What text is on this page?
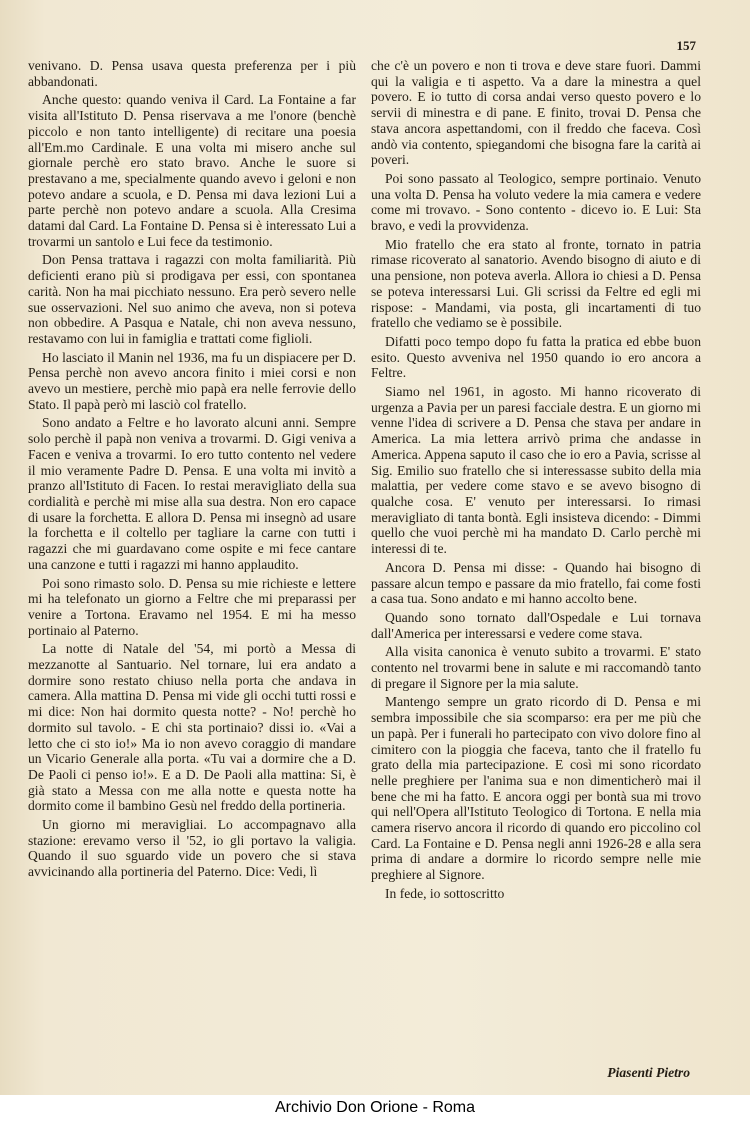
157

venivano. D. Pensa usava questa preferenza per i più abbandonati.

Anche questo: quando veniva il Card. La Fontaine a far visita all'Istituto D. Pensa riservava a me l'onore (benchè piccolo e non tanto intelligente) di recitare una poesia all'Em.mo Cardinale. E una volta mi misero anche sul giornale perchè ero stato bravo. Anche le suore si prestavano a me, specialmente quando avevo i geloni e non potevo andare a scuola, e D. Pensa mi dava lezioni Lui a parte perchè non potevo andare a scuola. Alla Cresima datami dal Card. La Fontaine D. Pensa si è interessato Lui a trovarmi un santolo e Lui fece da testimonio.

Don Pensa trattava i ragazzi con molta familiarità. Più deficienti erano più si prodigava per essi, con spontanea carità. Non ha mai picchiato nessuno. Era però severo nelle sue osservazioni. Nel suo animo che aveva, non si poteva non obbedire. A Pasqua e Natale, chi non aveva nessuno, restavamo con lui in famiglia e trattati come figlioli.

Ho lasciato il Manin nel 1936, ma fu un dispiacere per D. Pensa perchè non avevo ancora finito i miei corsi e non avevo un mestiere, perchè mio papà era nelle ferrovie dello Stato. Il papà però mi lasciò col fratello.

Sono andato a Feltre e ho lavorato alcuni anni. Sempre solo perchè il papà non veniva a trovarmi. D. Gigi veniva a Facen e veniva a trovarmi. Io ero tutto contento nel vedere il mio veramente Padre D. Pensa. E una volta mi invitò a pranzo all'Istituto di Facen. Io restai meravigliato della sua cordialità e perchè mi mise alla sua destra. Non ero capace di usare la forchetta. E allora D. Pensa mi insegnò ad usare la forchetta e il coltello per tagliare la carne con tutti i ragazzi che mi guardavano come ospite e mi fece cantare una canzone e tutti i ragazzi mi hanno applaudito.

Poi sono rimasto solo. D. Pensa su mie richieste e lettere mi ha telefonato un giorno a Feltre che mi preparassi per venire a Tortona. Eravamo nel 1954. E mi ha messo portinaio al Paterno.

La notte di Natale del '54, mi portò a Messa di mezzanotte al Santuario. Nel tornare, lui era andato a dormire sono restato chiuso nella porta che andava in camera. Alla mattina D. Pensa mi vide gli occhi tutti rossi e mi dice: Non hai dormito questa notte? - No! perchè ho dormito sul tavolo. - E chi sta portinaio? dissi io. «Vai a letto che ci sto io!» Ma io non avevo coraggio di mandare un Vicario Generale alla porta. «Tu vai a dormire che a D. De Paoli ci penso io!». E a D. De Paoli alla mattina: Si, è già stato a Messa con me alla notte e questa notte ha dormito come il bambino Gesù nel freddo della portineria.

Un giorno mi meravigliai. Lo accompagnavo alla stazione: erevamo verso il '52, io gli portavo la valigia. Quando il suo sguardo vide un povero che si stava avvicinando alla portineria del Paterno. Dice: Vedi, lì

che c'è un povero e non ti trova e deve stare fuori. Dammi qui la valigia e ti aspetto. Va a dare la minestra a quel povero. E io tutto di corsa andai verso questo povero e lo servii di minestra e di pane. E finito, trovai D. Pensa che stava ancora aspettandomi, con il freddo che faceva. Così andò via contento, spiegandomi che bisogna fare la carità ai poveri.

Poi sono passato al Teologico, sempre portinaio. Venuto una volta D. Pensa ha voluto vedere la mia camera e vedere come mi trovavo. - Sono contento - dicevo io. E Lui: Sta bravo, e vedi la provvidenza.

Mio fratello che era stato al fronte, tornato in patria rimase ricoverato al sanatorio. Avendo bisogno di aiuto e di una pensione, non poteva averla. Allora io chiesi a D. Pensa se poteva interessarsi Lui. Gli scrissi da Feltre ed egli mi rispose: - Mandami, via posta, gli incartamenti di tuo fratello che vediamo se è possibile.

Difatti poco tempo dopo fu fatta la pratica ed ebbe buon esito. Questo avveniva nel 1950 quando io ero ancora a Feltre.

Siamo nel 1961, in agosto. Mi hanno ricoverato di urgenza a Pavia per un paresi facciale destra. E un giorno mi venne l'idea di scrivere a D. Pensa che stava per andare in America. La mia lettera arrivò prima che andasse in America. Appena saputo il caso che io ero a Pavia, scrisse al Sig. Emilio suo fratello che si interessasse subito della mia malattia, per vedere come stavo e se avevo bisogno di qualche cosa. E' venuto per interessarsi. Io rimasi meravigliato di tanta bontà. Egli insisteva dicendo: - Dimmi quello che vuoi perchè mi ha mandato D. Carlo perchè mi interessi di te.

Ancora D. Pensa mi disse: - Quando hai bisogno di passare alcun tempo e passare da mio fratello, fai come fosti a casa tua. Sono andato e mi hanno accolto bene.

Quando sono tornato dall'Ospedale e Lui tornava dall'America per interessarsi e vedere come stava.

Alla visita canonica è venuto subito a trovarmi. E' stato contento nel trovarmi bene in salute e mi raccomandò tanto di pregare il Signore per la mia salute.

Mantengo sempre un grato ricordo di D. Pensa e mi sembra impossibile che sia scomparso: era per me più che un papà. Per i funerali ho partecipato con vivo dolore fino al cimitero con la pioggia che faceva, tanto che il fratello fu grato della mia partecipazione. E così mi sono ricordato nelle preghiere per l'anima sua e non dimenticherò mai il bene che mi ha fatto. E ancora oggi per bontà sua mi trovo qui nell'Opera all'Istituto Teologico di Tortona. E nella mia camera riservo ancora il ricordo di quando ero piccolino col Card. La Fontaine e D. Pensa negli anni 1926-28 e alla sera prima di andare a dormire lo ricordo sempre nelle mie preghiere al Signore.

In fede, io sottoscritto

Piasenti Pietro
Archivio Don Orione - Roma
